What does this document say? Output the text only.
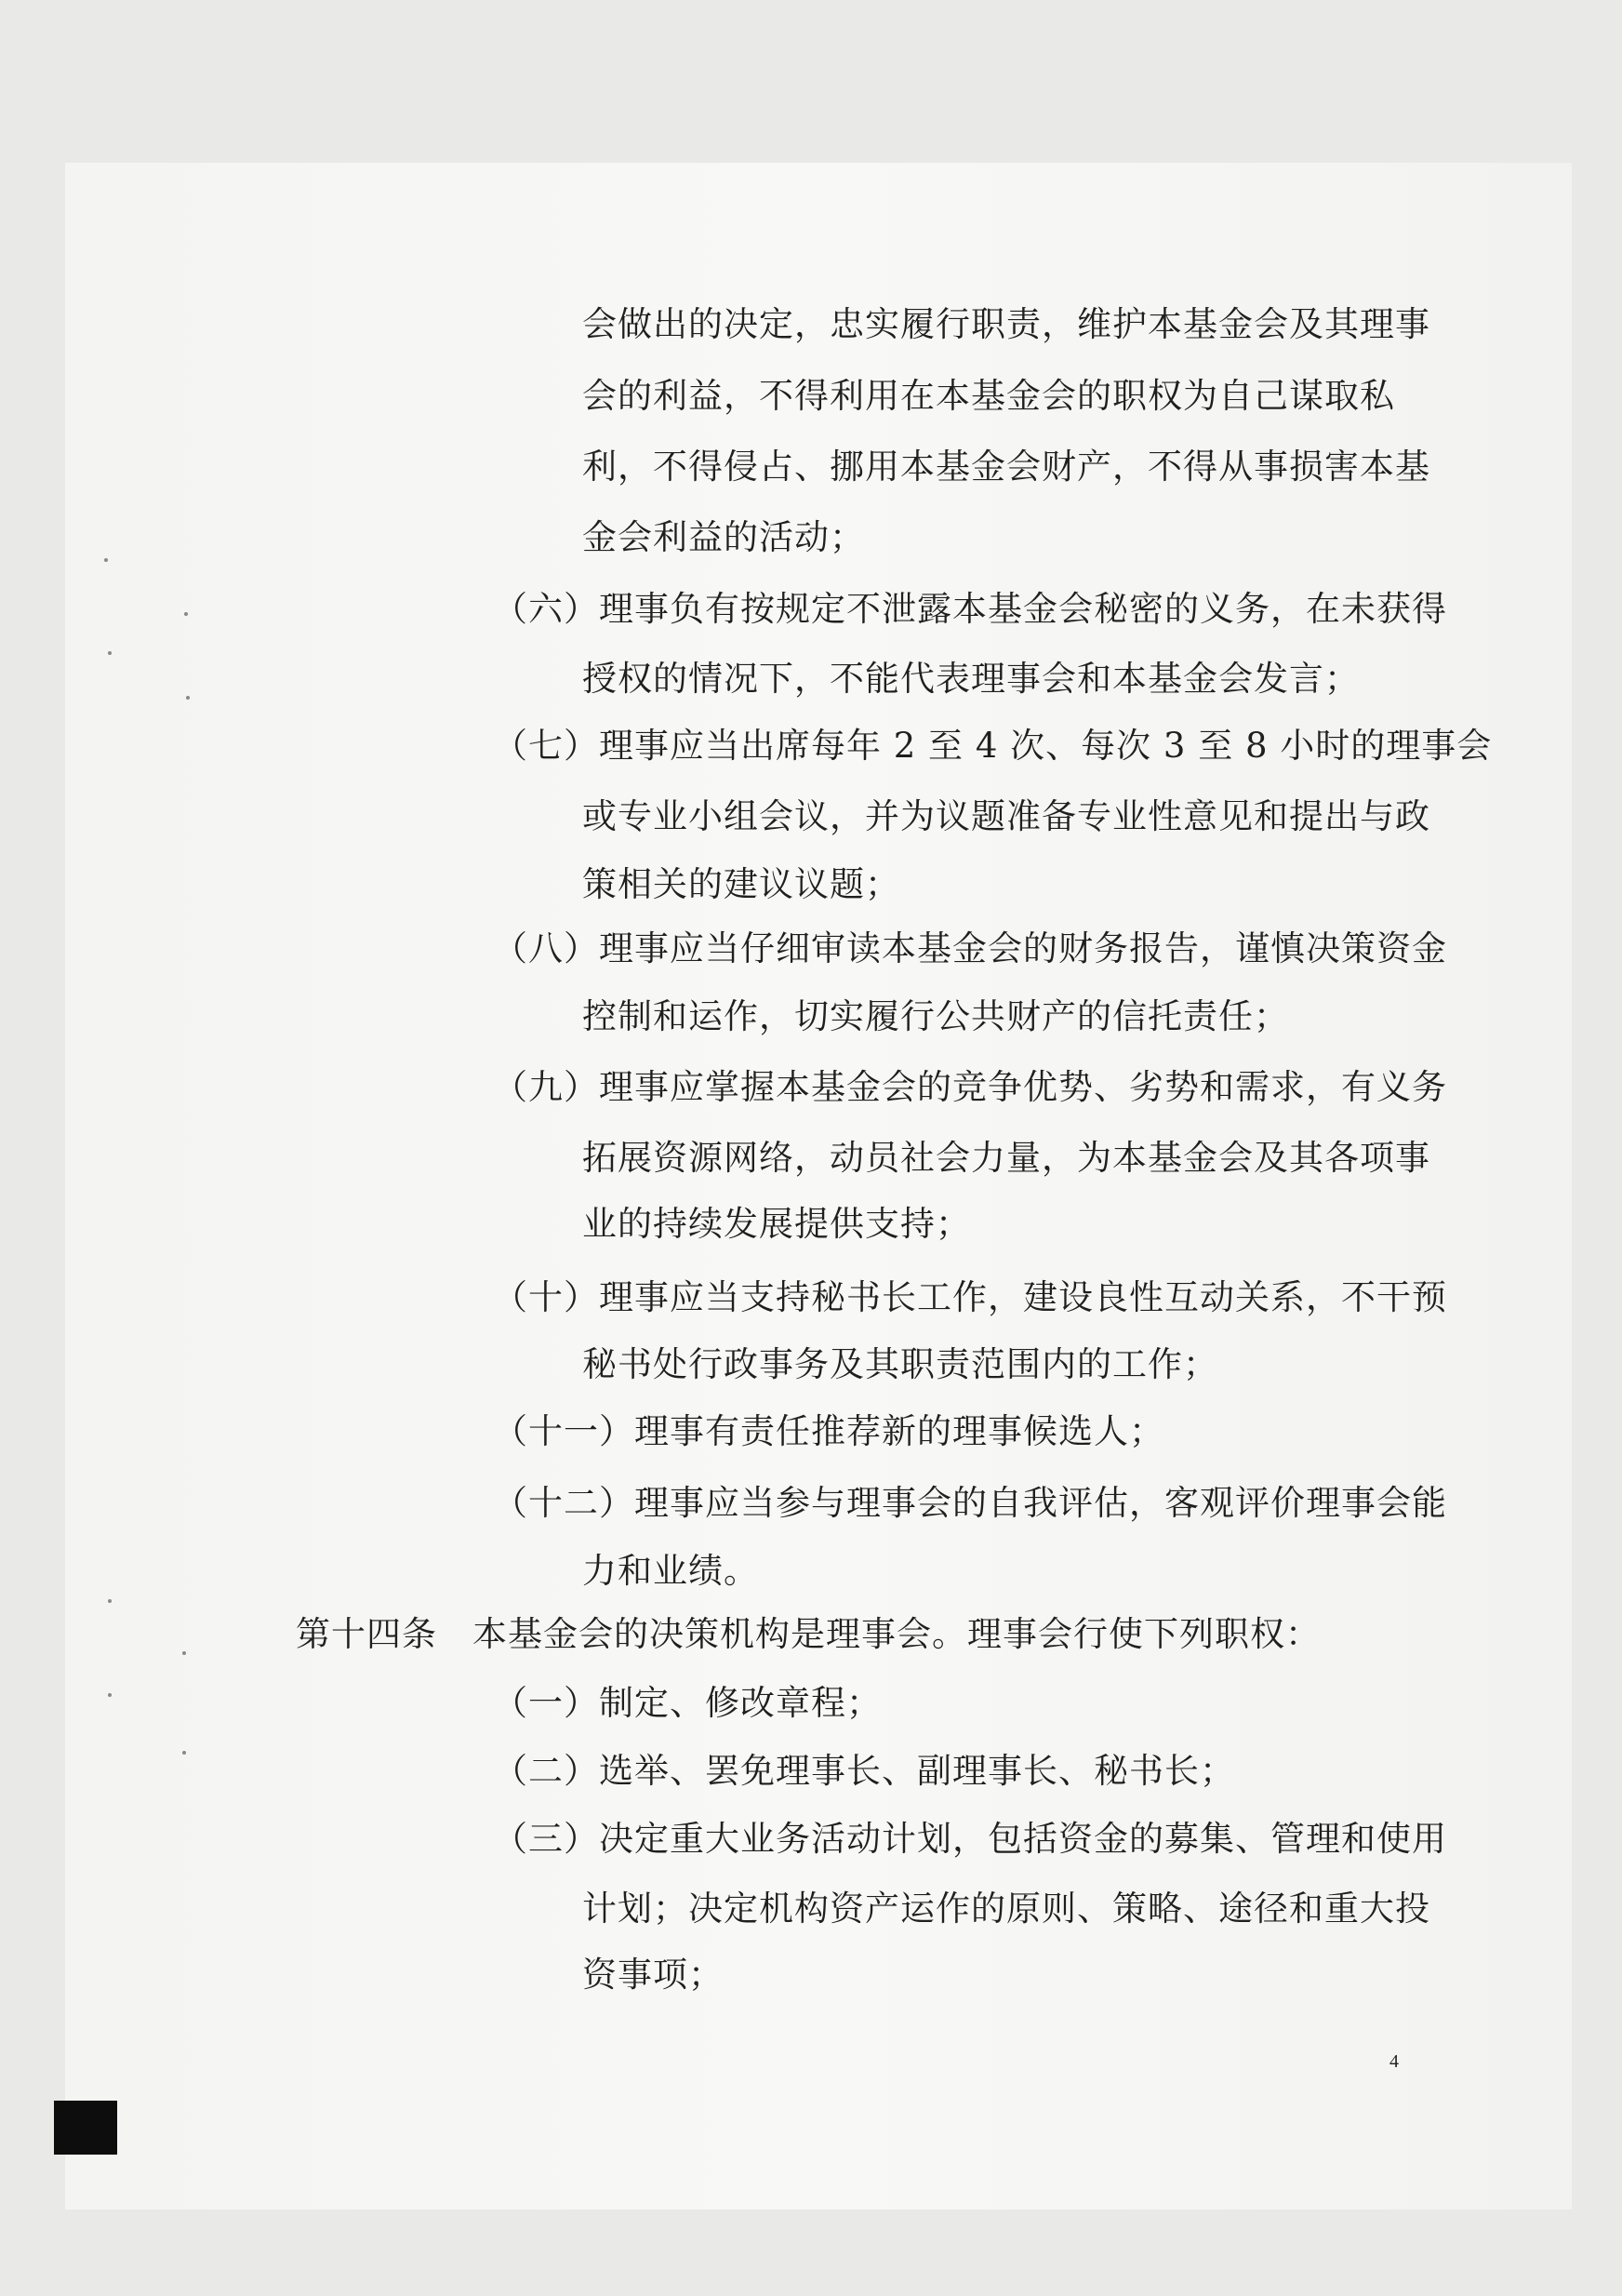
会做出的决定，忠实履行职责，维护本基金会及其理事
会的利益，不得利用在本基金会的职权为自己谋取私
利，不得侵占、挪用本基金会财产，不得从事损害本基
金会利益的活动；
（六）理事负有按规定不泄露本基金会秘密的义务，在未获得
授权的情况下，不能代表理事会和本基金会发言；
（七）理事应当出席每年 2 至 4 次、每次 3 至 8 小时的理事会
或专业小组会议，并为议题准备专业性意见和提出与政
策相关的建议议题；
（八）理事应当仔细审读本基金会的财务报告，谨慎决策资金
控制和运作，切实履行公共财产的信托责任；
（九）理事应掌握本基金会的竞争优势、劣势和需求，有义务
拓展资源网络，动员社会力量，为本基金会及其各项事
业的持续发展提供支持；
（十）理事应当支持秘书长工作，建设良性互动关系，不干预
秘书处行政事务及其职责范围内的工作；
（十一）理事有责任推荐新的理事候选人；
（十二）理事应当参与理事会的自我评估，客观评价理事会能
力和业绩。
第十四条　本基金会的决策机构是理事会。理事会行使下列职权：
（一）制定、修改章程；
（二）选举、罢免理事长、副理事长、秘书长；
（三）决定重大业务活动计划，包括资金的募集、管理和使用
计划；决定机构资产运作的原则、策略、途径和重大投
资事项；
4
